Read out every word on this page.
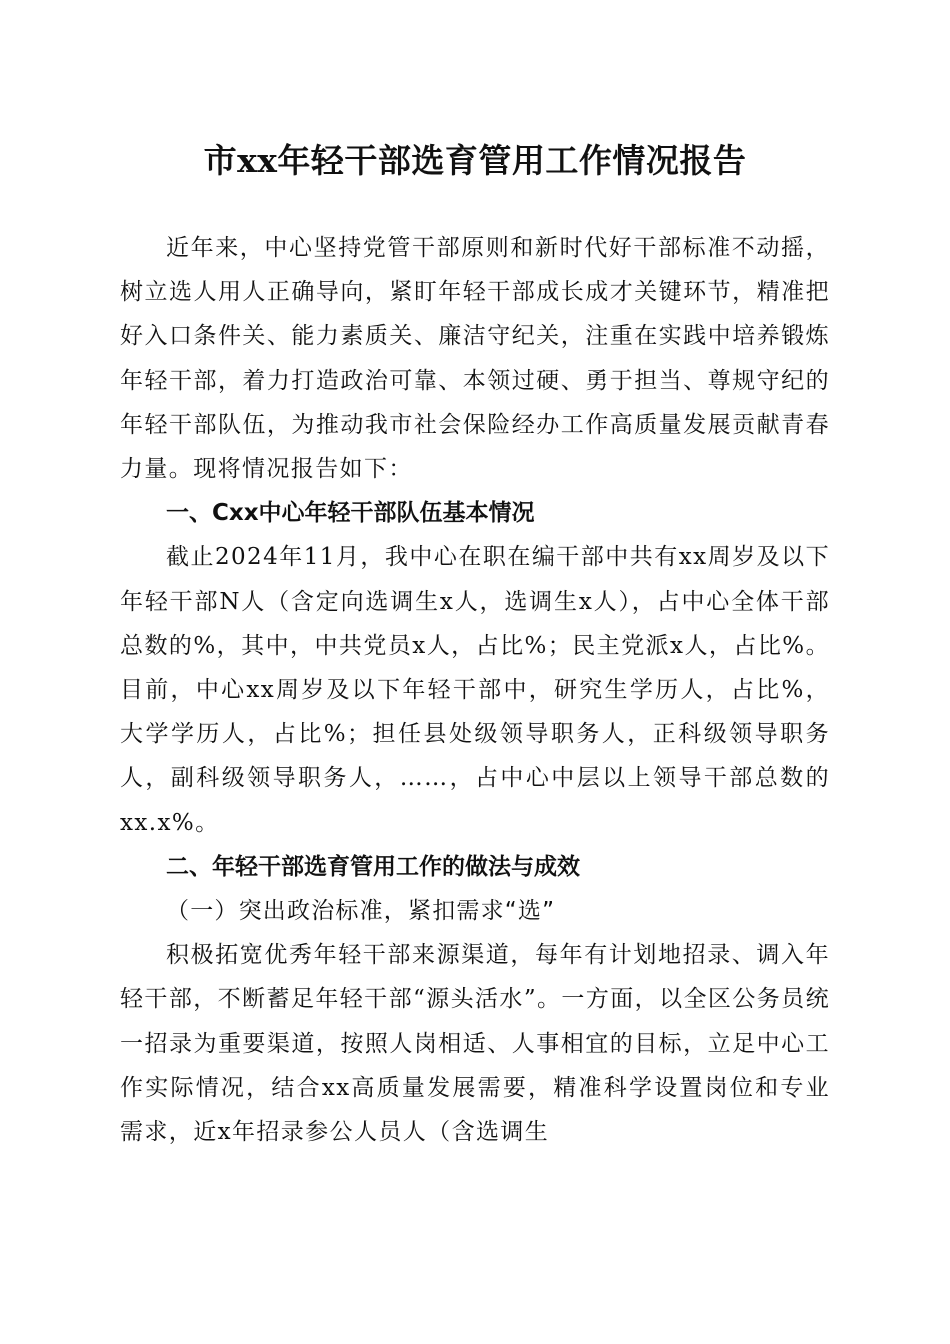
市xx年轻干部选育管用工作情况报告

近年来，中心坚持党管干部原则和新时代好干部标准不动摇，树立选人用人正确导向，紧盯年轻干部成长成才关键环节，精准把好入口条件关、能力素质关、廉洁守纪关，注重在实践中培养锻炼年轻干部，着力打造政治可靠、本领过硬、勇于担当、尊规守纪的年轻干部队伍，为推动我市社会保险经办工作高质量发展贡献青春力量。现将情况报告如下：

一、Cxx中心年轻干部队伍基本情况

截止2024年11月，我中心在职在编干部中共有xx周岁及以下年轻干部N人（含定向选调生x人，选调生x人），占中心全体干部总数的%，其中，中共党员x人，占比%；民主党派x人，占比%。目前，中心xx周岁及以下年轻干部中，研究生学历人，占比%，大学学历人，占比%；担任县处级领导职务人，正科级领导职务人，副科级领导职务人，……，占中心中层以上领导干部总数的xx.x%。

二、年轻干部选育管用工作的做法与成效

（一）突出政治标准，紧扣需求“选”

积极拓宽优秀年轻干部来源渠道，每年有计划地招录、调入年轻干部，不断蓄足年轻干部“源头活水”。一方面，以全区公务员统一招录为重要渠道，按照人岗相适、人事相宜的目标，立足中心工作实际情况，结合xx高质量发展需要，精准科学设置岗位和专业需求，近x年招录参公人员人（含选调生
